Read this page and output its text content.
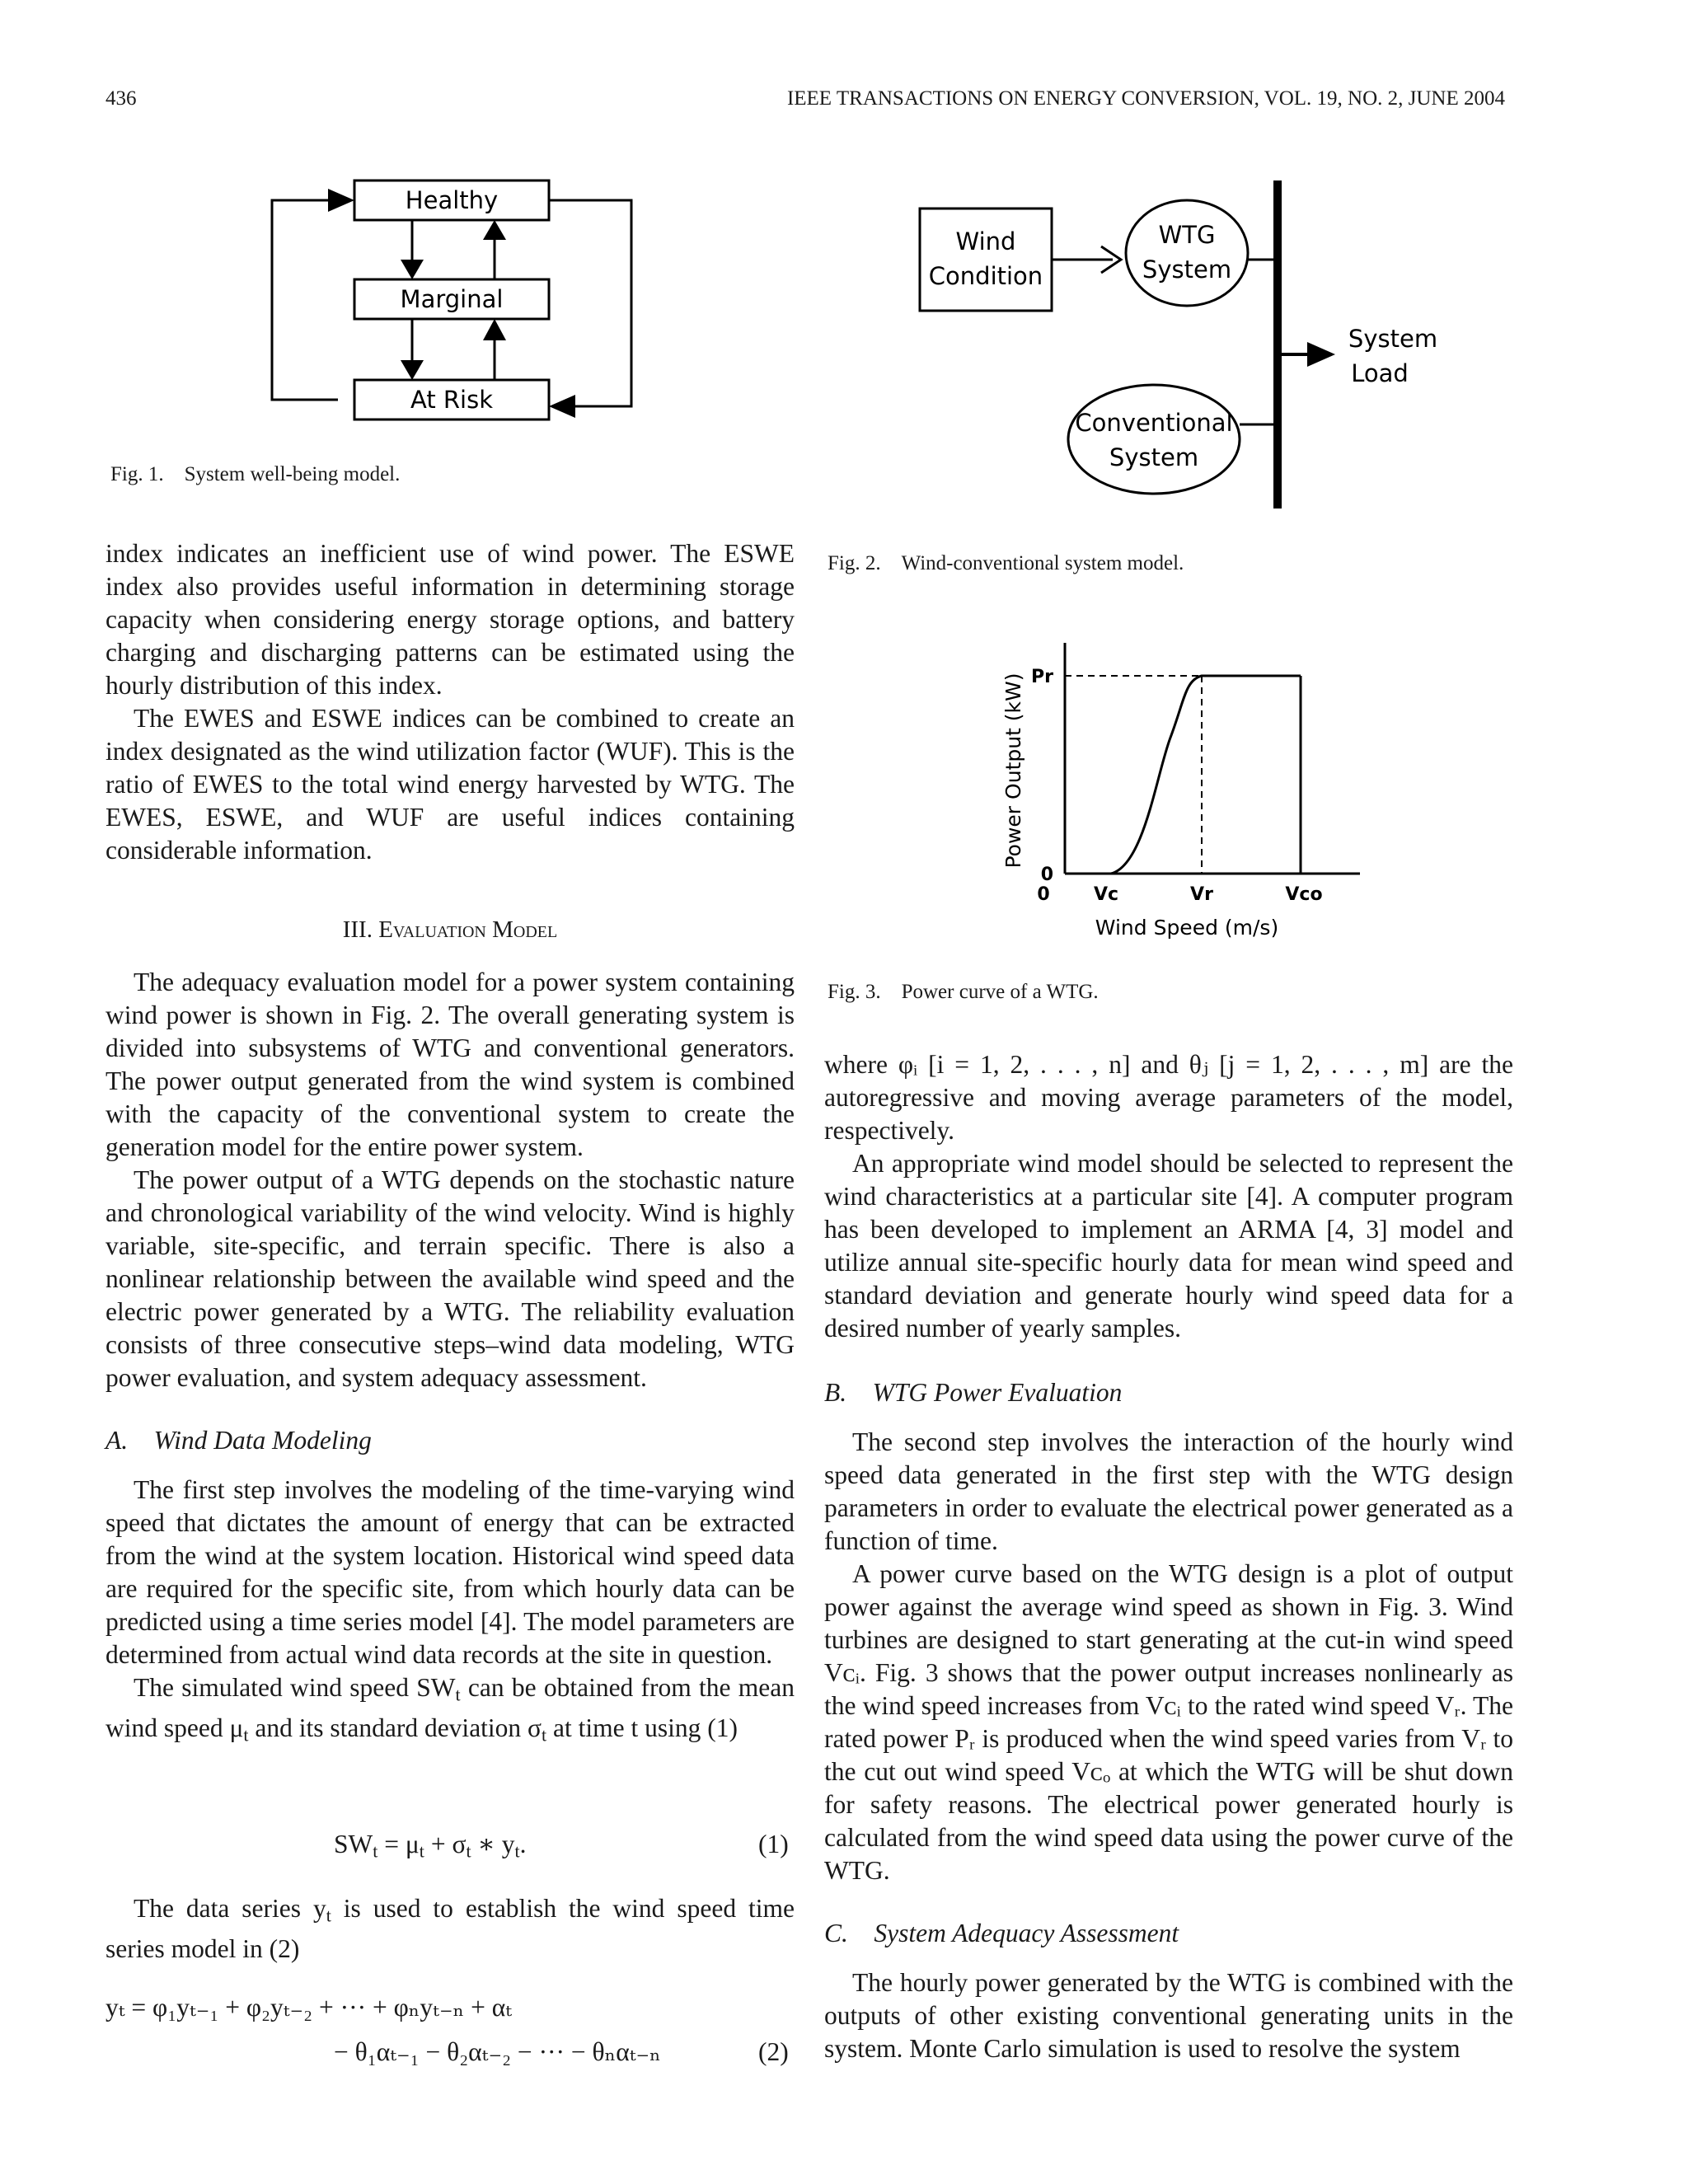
436	IEEE TRANSACTIONS ON ENERGY CONVERSION, VOL. 19, NO. 2, JUNE 2004
Healthy
Marginal
At Risk
Fig. 1. System well-being model.
Wind
Condition
WTG
System
Conventional
System
System
Load
Fig. 2. Wind-conventional system model.
Pr
0
0 Vc	Vr	Vco
Wind Speed (m/s)
Power Output (kW)
Fig. 3. Power curve of a WTG.

index indicates an inefficient use of wind power. The ESWE index also provides useful information in determining storage capacity when considering energy storage options, and battery charging and discharging patterns can be estimated using the hourly distribution of this index.

The EWES and ESWE indices can be combined to create an index designated as the wind utilization factor (WUF). This is the ratio of EWES to the total wind energy harvested by WTG. The EWES, ESWE, and WUF are useful indices containing considerable information.

III. Evaluation Model

The adequacy evaluation model for a power system containing wind power is shown in Fig. 2. The overall generating system is divided into subsystems of WTG and conventional generators. The power output generated from the wind system is combined with the capacity of the conventional system to create the generation model for the entire power system.

The power output of a WTG depends on the stochastic nature and chronological variability of the wind velocity. Wind is highly variable, site-specific, and terrain specific. There is also a nonlinear relationship between the available wind speed and the electric power generated by a WTG. The reliability evaluation consists of three consecutive steps–wind data modeling, WTG power evaluation, and system adequacy assessment.

A. Wind Data Modeling

The first step involves the modeling of the time-varying wind speed that dictates the amount of energy that can be extracted from the wind at the system location. Historical wind speed data are required for the specific site, from which hourly data can be predicted using a time series model [4]. The model parameters are determined from actual wind data records at the site in question.

The simulated wind speed SWt can be obtained from the mean wind speed μt and its standard deviation σt at time t using (1)

SWt = μt + σt ∗ yt.	(1)

The data series yt is used to establish the wind speed time series model in (2)

yₜ = φ₁yₜ₋₁ + φ₂yₜ₋₂ + ··· + φₙyₜ₋ₙ + αₜ
− θ₁αₜ₋₁ − θ₂αₜ₋₂ − ··· − θₙαₜ₋ₙ	(2)

where φᵢ [i = 1, 2, . . . , n] and θⱼ [j = 1, 2, . . . , m] are the autoregressive and moving average parameters of the model, respectively.

An appropriate wind model should be selected to represent the wind characteristics at a particular site [4]. A computer program has been developed to implement an ARMA [4, 3] model and utilize annual site-specific hourly data for mean wind speed and standard deviation and generate hourly wind speed data for a desired number of yearly samples.

B. WTG Power Evaluation

The second step involves the interaction of the hourly wind speed data generated in the first step with the WTG design parameters in order to evaluate the electrical power generated as a function of time.

A power curve based on the WTG design is a plot of output power against the average wind speed as shown in Fig. 3. Wind turbines are designed to start generating at the cut-in wind speed Vᴄᵢ. Fig. 3 shows that the power output increases nonlinearly as the wind speed increases from Vᴄᵢ to the rated wind speed Vᵣ. The rated power Pᵣ is produced when the wind speed varies from Vᵣ to the cut out wind speed Vᴄₒ at which the WTG will be shut down for safety reasons. The electrical power generated hourly is calculated from the wind speed data using the power curve of the WTG.

C. System Adequacy Assessment

The hourly power generated by the WTG is combined with the outputs of other existing conventional generating units in the system. Monte Carlo simulation is used to resolve the system
